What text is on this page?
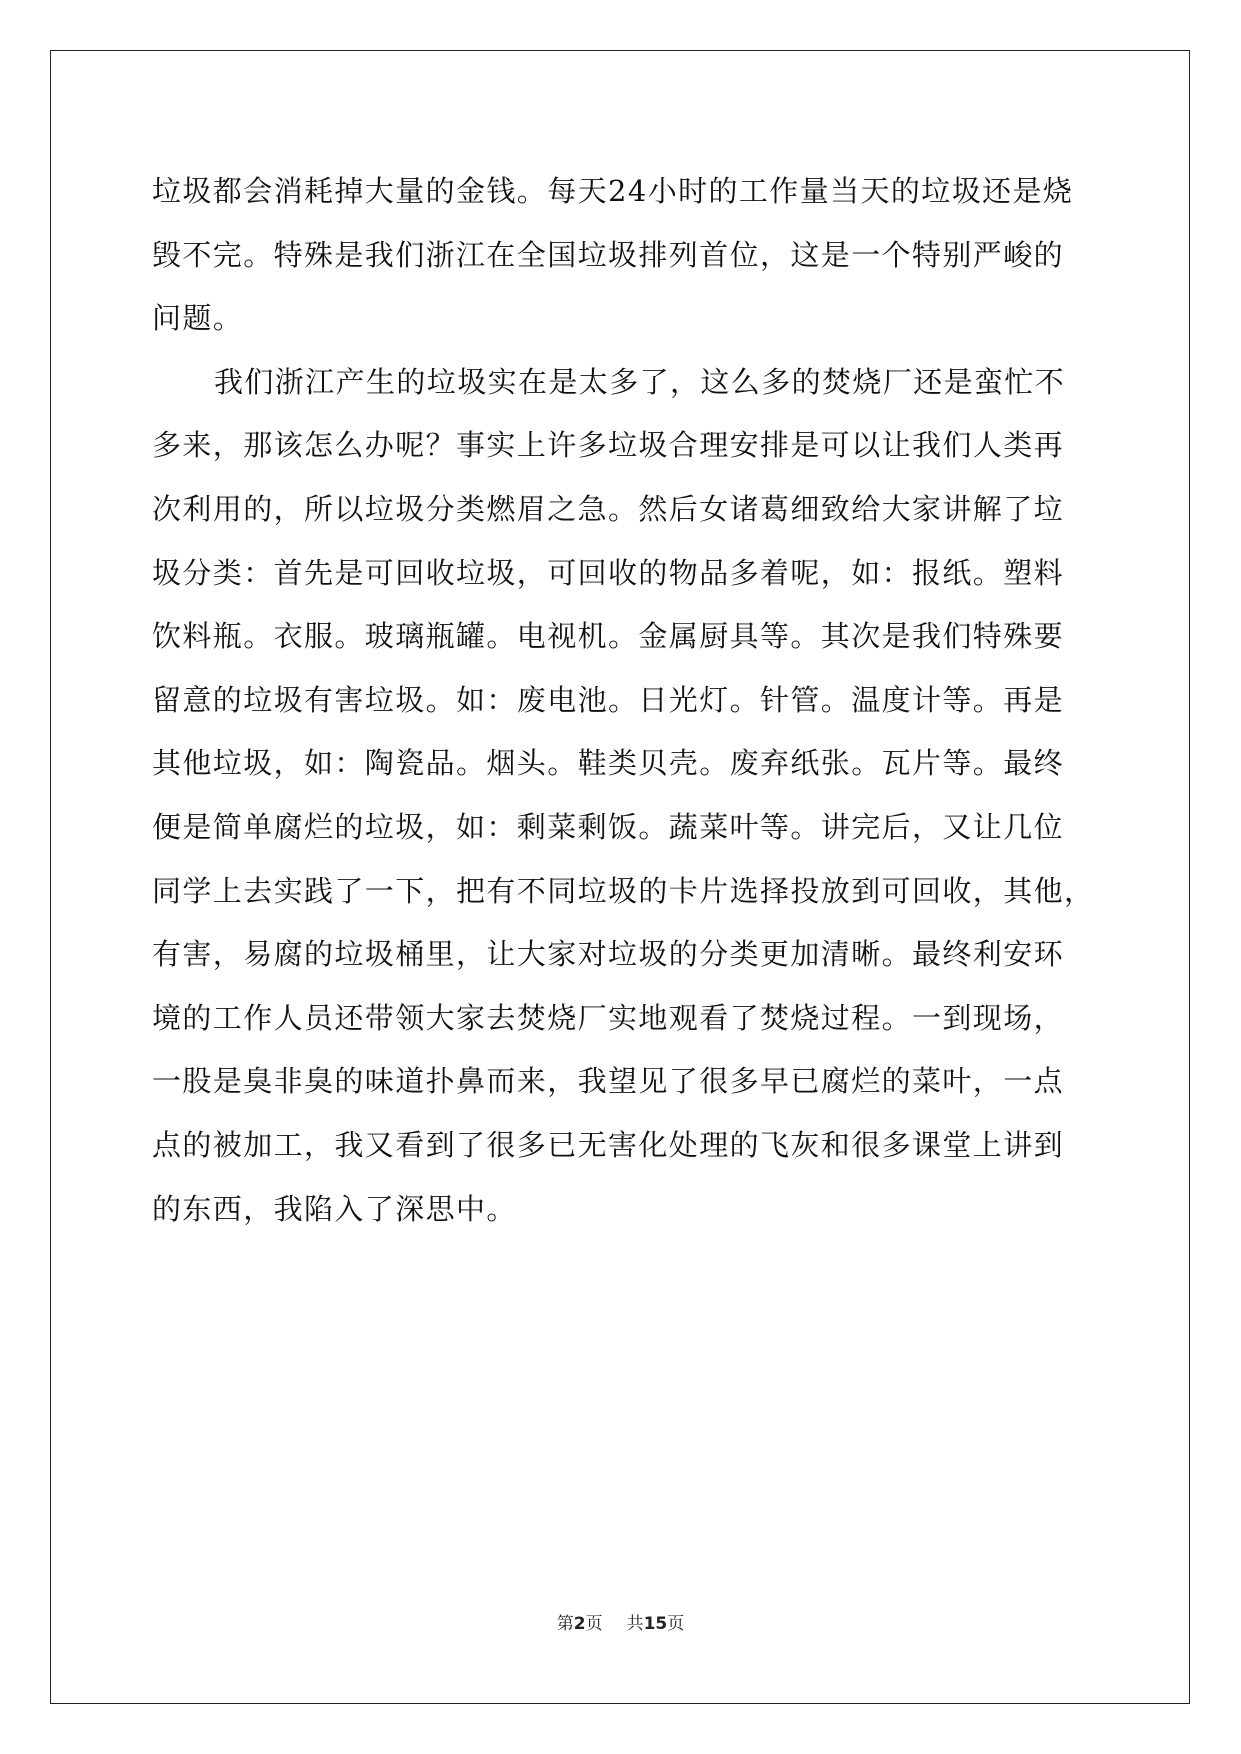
垃圾都会消耗掉大量的金钱。每天24小时的工作量当天的垃圾还是烧
毁不完。特殊是我们浙江在全国垃圾排列首位，这是一个特别严峻的
问题。
我们浙江产生的垃圾实在是太多了，这么多的焚烧厂还是蛮忙不
多来，那该怎么办呢？事实上许多垃圾合理安排是可以让我们人类再
次利用的，所以垃圾分类燃眉之急。然后女诸葛细致给大家讲解了垃
圾分类：首先是可回收垃圾，可回收的物品多着呢，如：报纸。塑料
饮料瓶。衣服。玻璃瓶罐。电视机。金属厨具等。其次是我们特殊要
留意的垃圾有害垃圾。如：废电池。日光灯。针管。温度计等。再是
其他垃圾，如：陶瓷品。烟头。鞋类贝壳。废弃纸张。瓦片等。最终
便是简单腐烂的垃圾，如：剩菜剩饭。蔬菜叶等。讲完后，又让几位
同学上去实践了一下，把有不同垃圾的卡片选择投放到可回收，其他，
有害，易腐的垃圾桶里，让大家对垃圾的分类更加清晰。最终利安环
境的工作人员还带领大家去焚烧厂实地观看了焚烧过程。一到现场，
一股是臭非臭的味道扑鼻而来，我望见了很多早已腐烂的菜叶，一点
点的被加工，我又看到了很多已无害化处理的飞灰和很多课堂上讲到
的东西，我陷入了深思中。
第2页 共15页
